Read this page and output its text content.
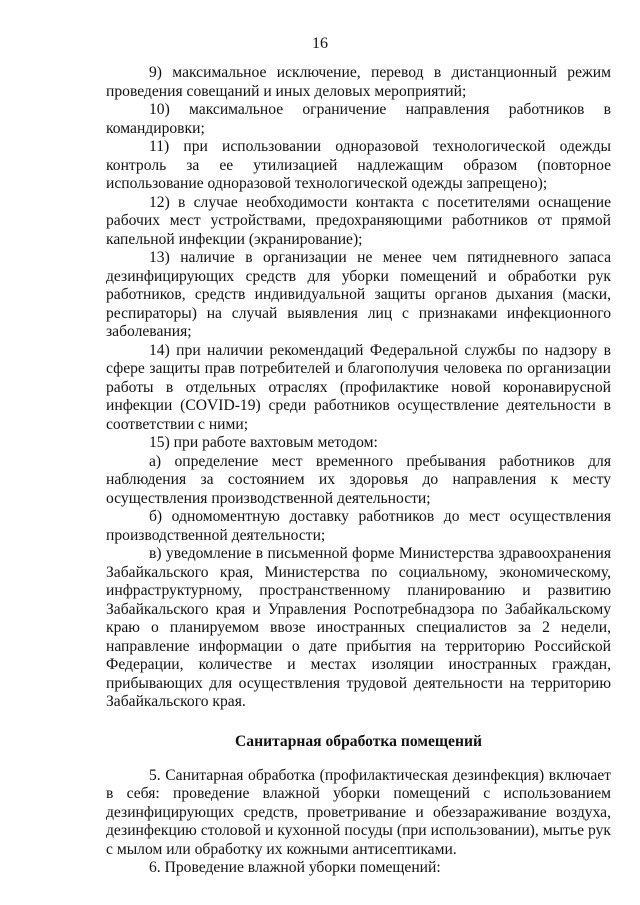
16

9) максимальное исключение, перевод в дистанционный режим проведения совещаний и иных деловых мероприятий;

10) максимальное ограничение направления работников в командировки;

11) при использовании одноразовой технологической одежды контроль за ее утилизацией надлежащим образом (повторное использование одноразовой технологической одежды запрещено);

12) в случае необходимости контакта с посетителями оснащение рабочих мест устройствами, предохраняющими работников от прямой капельной инфекции (экранирование);

13) наличие в организации не менее чем пятидневного запаса дезинфицирующих средств для уборки помещений и обработки рук работников, средств индивидуальной защиты органов дыхания (маски, респираторы) на случай выявления лиц с признаками инфекционного заболевания;

14) при наличии рекомендаций Федеральной службы по надзору в сфере защиты прав потребителей и благополучия человека по организации работы в отдельных отраслях (профилактике новой коронавирусной инфекции (COVID-19) среди работников осуществление деятельности в соответствии с ними;

15) при работе вахтовым методом:

а) определение мест временного пребывания работников для наблюдения за состоянием их здоровья до направления к месту осуществления производственной деятельности;

б) одномоментную доставку работников до мест осуществления производственной деятельности;

в) уведомление в письменной форме Министерства здравоохранения Забайкальского края, Министерства по социальному, экономическому, инфраструктурному, пространственному планированию и развитию Забайкальского края и Управления Роспотребнадзора по Забайкальскому краю о планируемом ввозе иностранных специалистов за 2 недели, направление информации о дате прибытия на территорию Российской Федерации, количестве и местах изоляции иностранных граждан, прибывающих для осуществления трудовой деятельности на территорию Забайкальского края.

Санитарная обработка помещений

5. Санитарная обработка (профилактическая дезинфекция) включает в себя: проведение влажной уборки помещений с использованием дезинфицирующих средств, проветривание и обеззараживание воздуха, дезинфекцию столовой и кухонной посуды (при использовании), мытье рук с мылом или обработку их кожными антисептиками.

6. Проведение влажной уборки помещений:
